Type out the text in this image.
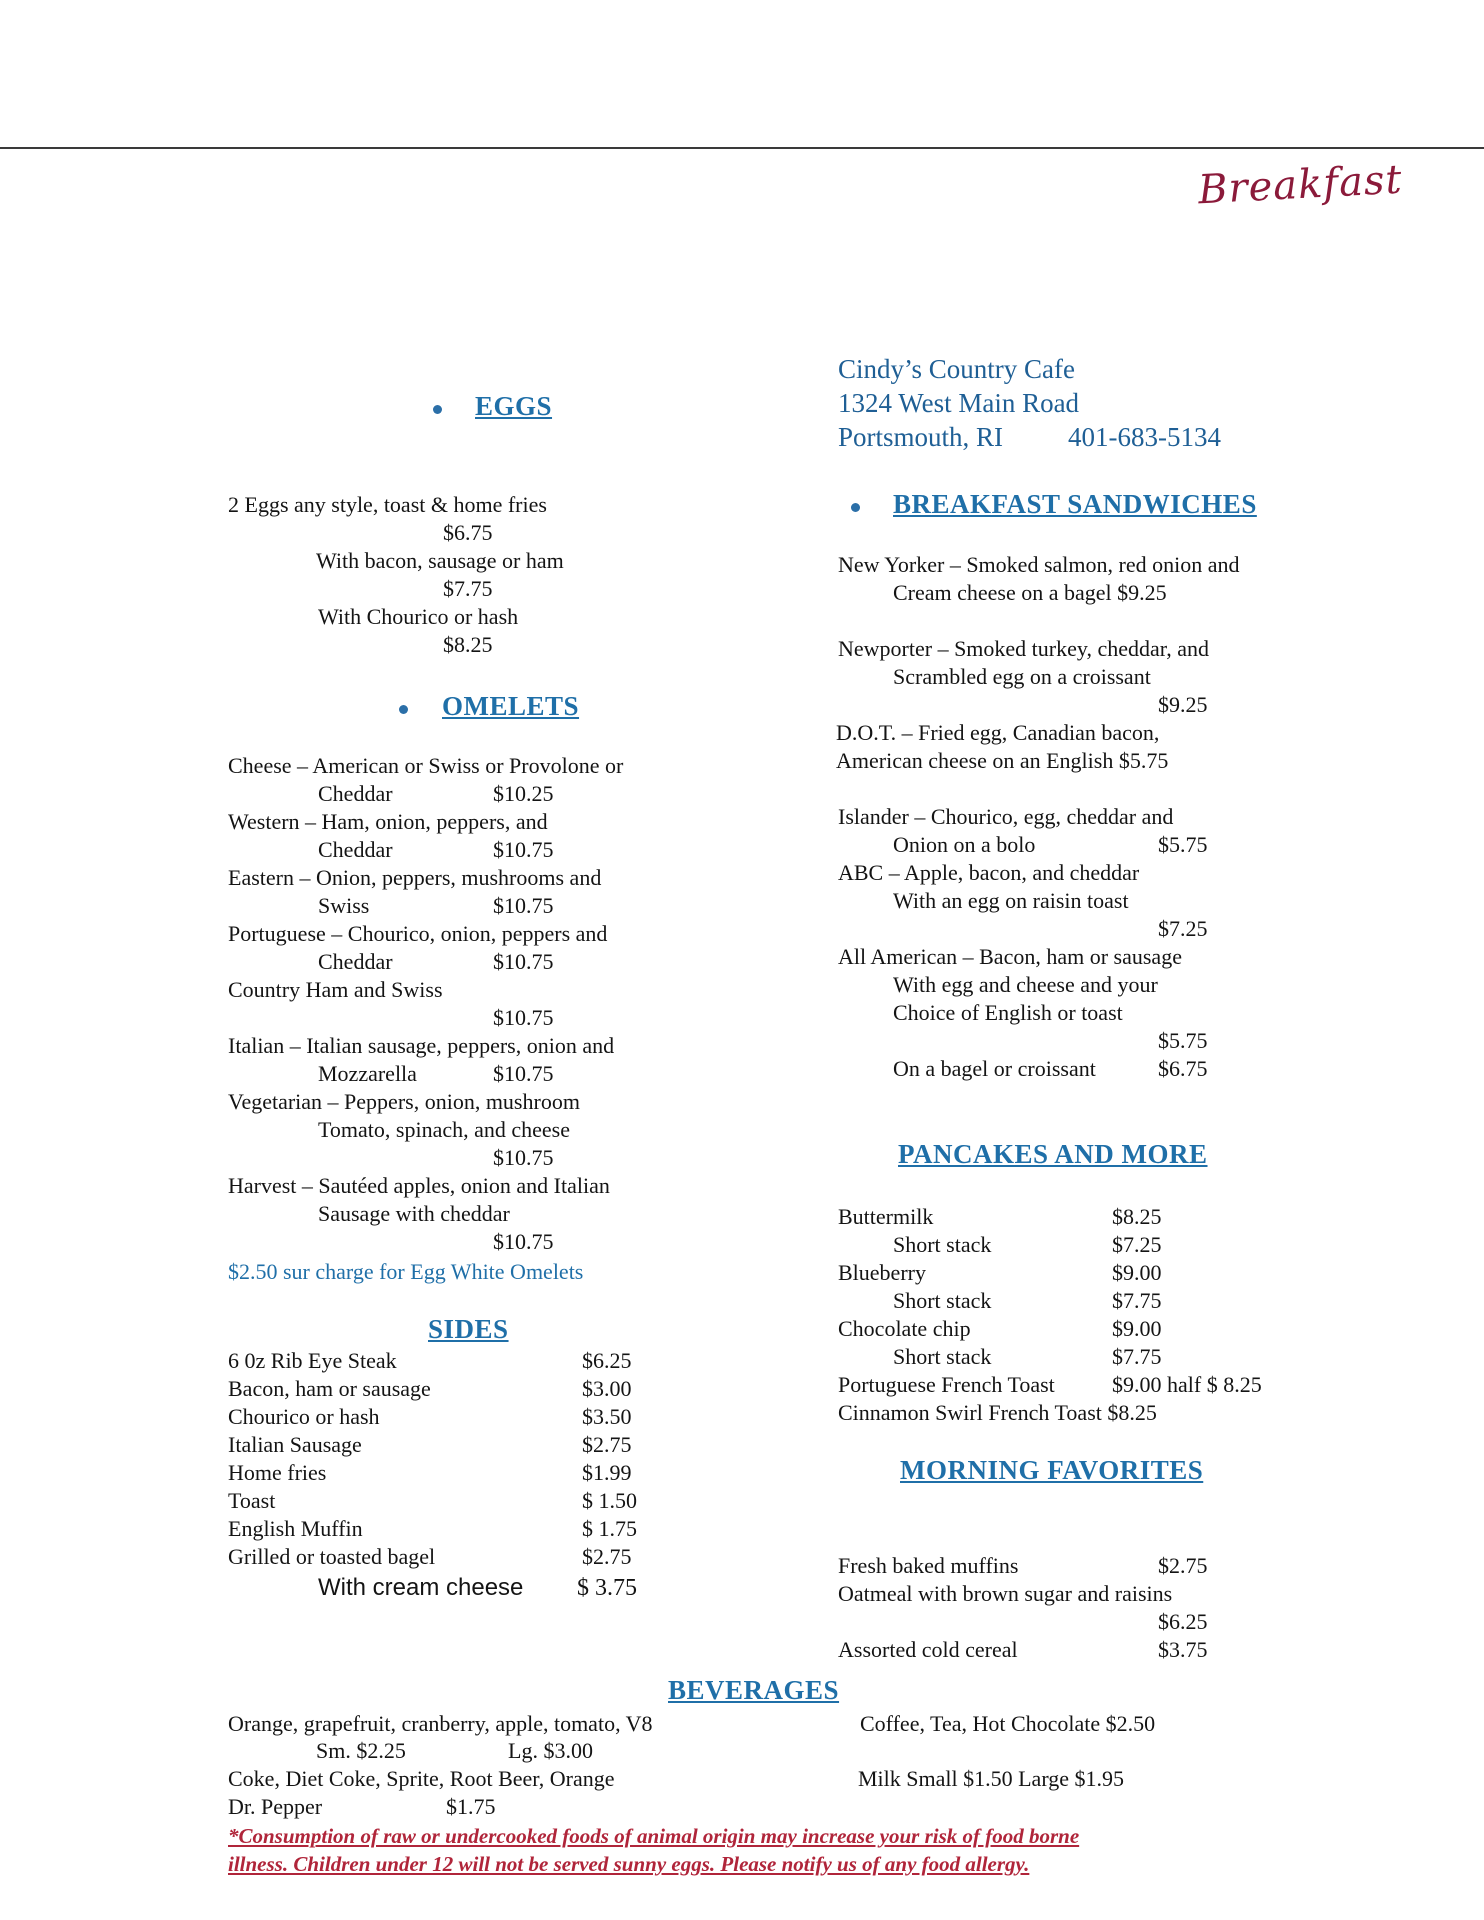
Breakfast
Cindy’s Country Cafe
1324 West Main Road
Portsmouth, RI 401-683-5134
EGGS
2 Eggs any style, toast & home fries
$6.75
With bacon, sausage or ham
$7.75
With Chourico or hash
$8.25
OMELETS
Cheese – American or Swiss or Provolone or
Cheddar	$10.25
Western – Ham, onion, peppers, and
Cheddar	$10.75
Eastern – Onion, peppers, mushrooms and
Swiss	$10.75
Portuguese – Chourico, onion, peppers and
Cheddar	$10.75
Country Ham and Swiss
$10.75
Italian – Italian sausage, peppers, onion and
Mozzarella	$10.75
Vegetarian – Peppers, onion, mushroom
Tomato, spinach, and cheese
$10.75
Harvest – Sautéed apples, onion and Italian
Sausage with cheddar
$10.75
$2.50 sur charge for Egg White Omelets
SIDES
6 0z Rib Eye Steak	$6.25
Bacon, ham or sausage	$3.00
Chourico or hash	$3.50
Italian Sausage	$2.75
Home fries	$1.99
Toast	$ 1.50
English Muffin	$ 1.75
Grilled or toasted bagel	$2.75
With cream cheese $ 3.75
BREAKFAST SANDWICHES
New Yorker – Smoked salmon, red onion and
Cream cheese on a bagel $9.25
Newporter – Smoked turkey, cheddar, and
Scrambled egg on a croissant
$9.25
D.O.T. – Fried egg, Canadian bacon,
American cheese on an English $5.75
Islander – Chourico, egg, cheddar and
Onion on a bolo	$5.75
ABC – Apple, bacon, and cheddar
With an egg on raisin toast
$7.25
All American – Bacon, ham or sausage
With egg and cheese and your
Choice of English or toast
$5.75
On a bagel or croissant	$6.75
PANCAKES AND MORE
Buttermilk	$8.25
Short stack	$7.25
Blueberry	$9.00
Short stack	$7.75
Chocolate chip	$9.00
Short stack	$7.75
Portuguese French Toast	$9.00 half $ 8.25
Cinnamon Swirl French Toast $8.25
MORNING FAVORITES
Fresh baked muffins	$2.75
Oatmeal with brown sugar and raisins
$6.25
Assorted cold cereal	$3.75
BEVERAGES
Orange, grapefruit, cranberry, apple, tomato, V8
Sm. $2.25	Lg. $3.00
Coke, Diet Coke, Sprite, Root Beer, Orange
Dr. Pepper	$1.75
Coffee, Tea, Hot Chocolate $2.50
Milk Small $1.50 Large $1.95
*Consumption of raw or undercooked foods of animal origin may increase your risk of food borne
illness. Children under 12 will not be served sunny eggs. Please notify us of any food allergy.
